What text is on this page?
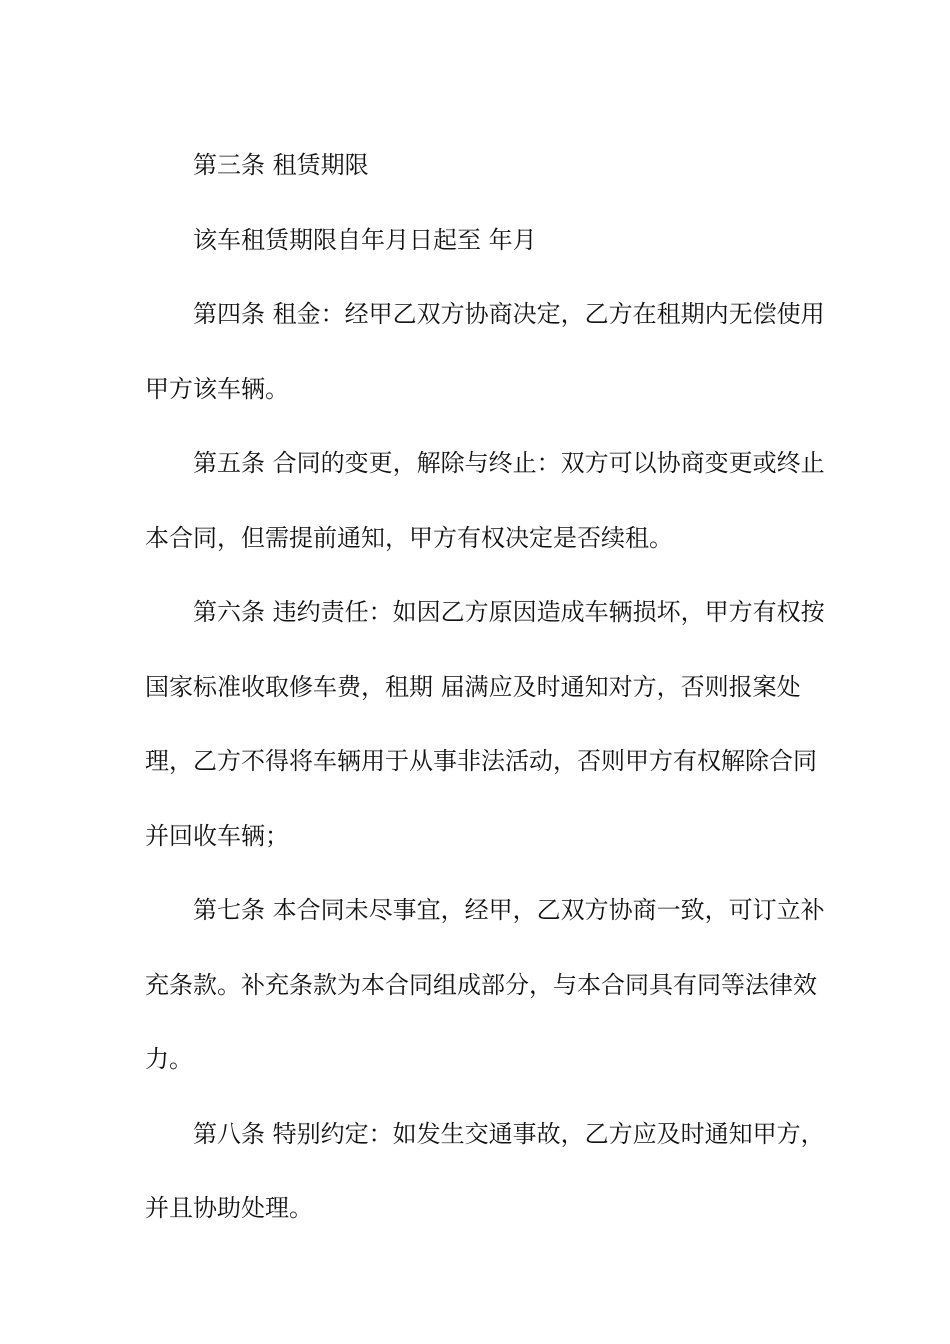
第三条 租赁期限

该车租赁期限自年月日起至 年月

第四条 租金：经甲乙双方协商决定，乙方在租期内无偿使用甲方该车辆。

第五条 合同的变更，解除与终止：双方可以协商变更或终止本合同，但需提前通知，甲方有权决定是否续租。

第六条 违约责任：如因乙方原因造成车辆损坏，甲方有权按国家标准收取修车费，租期 届满应及时通知对方，否则报案处理，乙方不得将车辆用于从事非法活动，否则甲方有权解除合同并回收车辆；

第七条 本合同未尽事宜，经甲，乙双方协商一致，可订立补充条款。补充条款为本合同组成部分，与本合同具有同等法律效力。

第八条 特别约定：如发生交通事故，乙方应及时通知甲方，并且协助处理。
